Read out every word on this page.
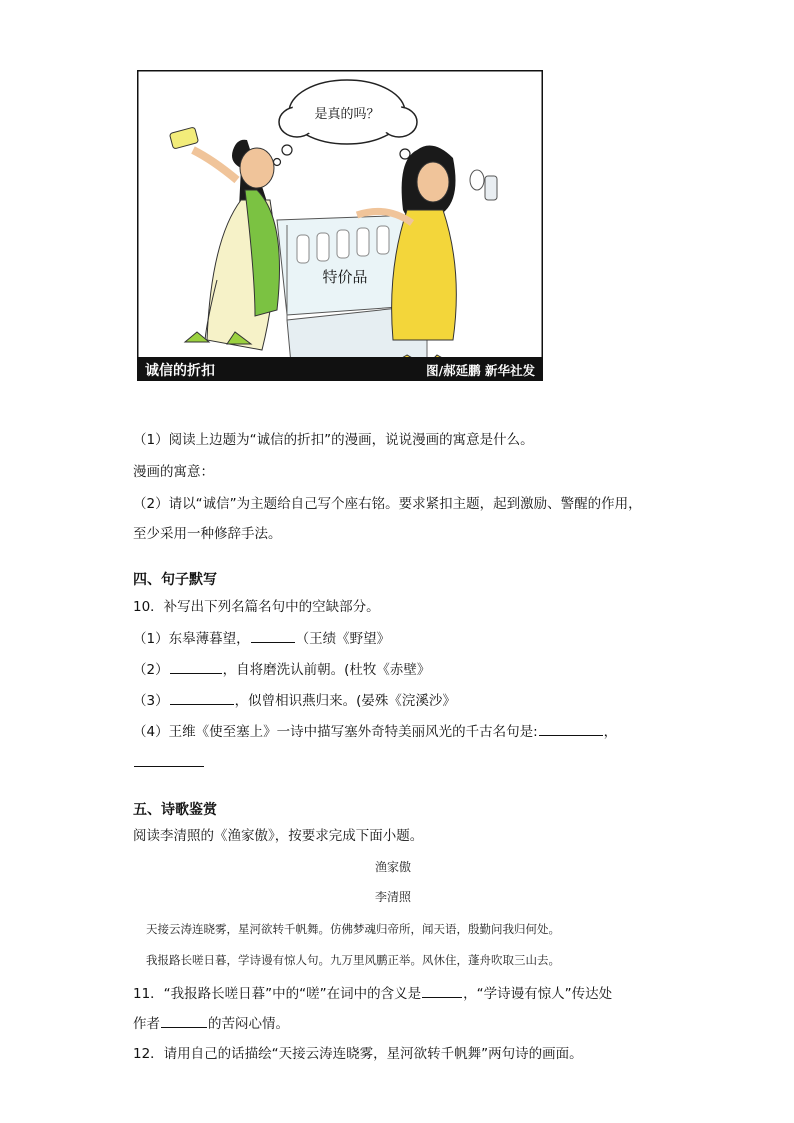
是真的吗？
特价品
诚信的折扣	图/郝延鹏 新华社发
（1）阅读上边题为“诚信的折扣”的漫画，说说漫画的寓意是什么。
漫画的寓意：
（2）请以“诚信”为主题给自己写个座右铭。要求紧扣主题，起到激励、警醒的作用，
至少采用一种修辞手法。
四、句子默写
10．补写出下列名篇名句中的空缺部分。
（1）东皋薄暮望，	（王绩《野望》
（2）	，自将磨洗认前朝。(杜牧《赤壁》
（3）	，似曾相识燕归来。(晏殊《浣溪沙》
（4）王维《使至塞上》一诗中描写塞外奇特美丽风光的千古名句是:	，
五、诗歌鉴赏
阅读李清照的《渔家傲》，按要求完成下面小题。
渔家傲
李清照
天接云涛连晓雾，星河欲转千帆舞。仿佛梦魂归帝所，闻天语，殷勤问我归何处。
我报路长嗟日暮，学诗谩有惊人句。九万里风鹏正举。风休住，蓬舟吹取三山去。
11．“我报路长嗟日暮”中的“嗟”在词中的含义是	，“学诗谩有惊人”传达处
作者	的苦闷心情。
12．请用自己的话描绘“天接云涛连晓雾，星河欲转千帆舞”两句诗的画面。
